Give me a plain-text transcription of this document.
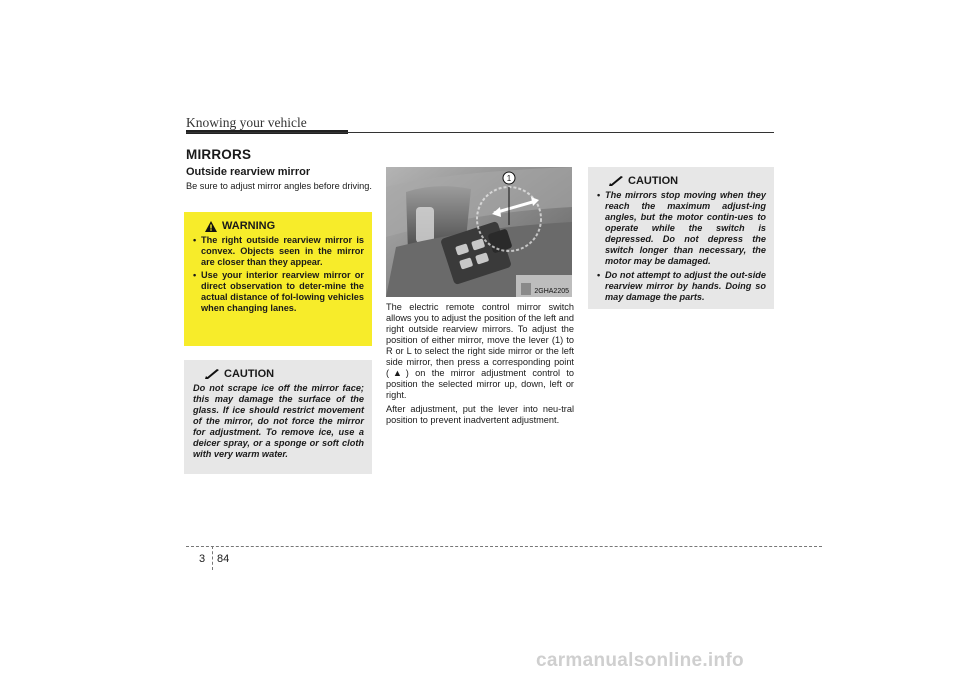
Knowing your vehicle
MIRRORS
Outside rearview mirror
Be sure to adjust mirror angles before driving.
WARNING
• The right outside rearview mirror is convex. Objects seen in the mirror are closer than they appear.
• Use your interior rearview mirror or direct observation to deter-mine the actual distance of fol-lowing vehicles when changing lanes.
CAUTION
Do not scrape ice off the mirror face; this may damage the surface of the glass. If ice should restrict movement of the mirror, do not force the mirror for adjustment. To remove ice, use a deicer spray, or a sponge or soft cloth with very warm water.
1
2GHA2205

The electric remote control mirror switch allows you to adjust the position of the left and right outside rearview mirrors. To adjust the position of either mirror, move the lever (1) to R or L to select the right side mirror or the left side mirror, then press a corresponding point (▲) on the mirror adjustment control to position the selected mirror up, down, left or right.

After adjustment, put the lever into neu-tral position to prevent inadvertent adjustment.

CAUTION
• The mirrors stop moving when they reach the maximum adjust-ing angles, but the motor contin-ues to operate while the switch is depressed. Do not depress the switch longer than necessary, the motor may be damaged.
• Do not attempt to adjust the out-side rearview mirror by hands. Doing so may damage the parts.
3 84
carmanualsonline.info
